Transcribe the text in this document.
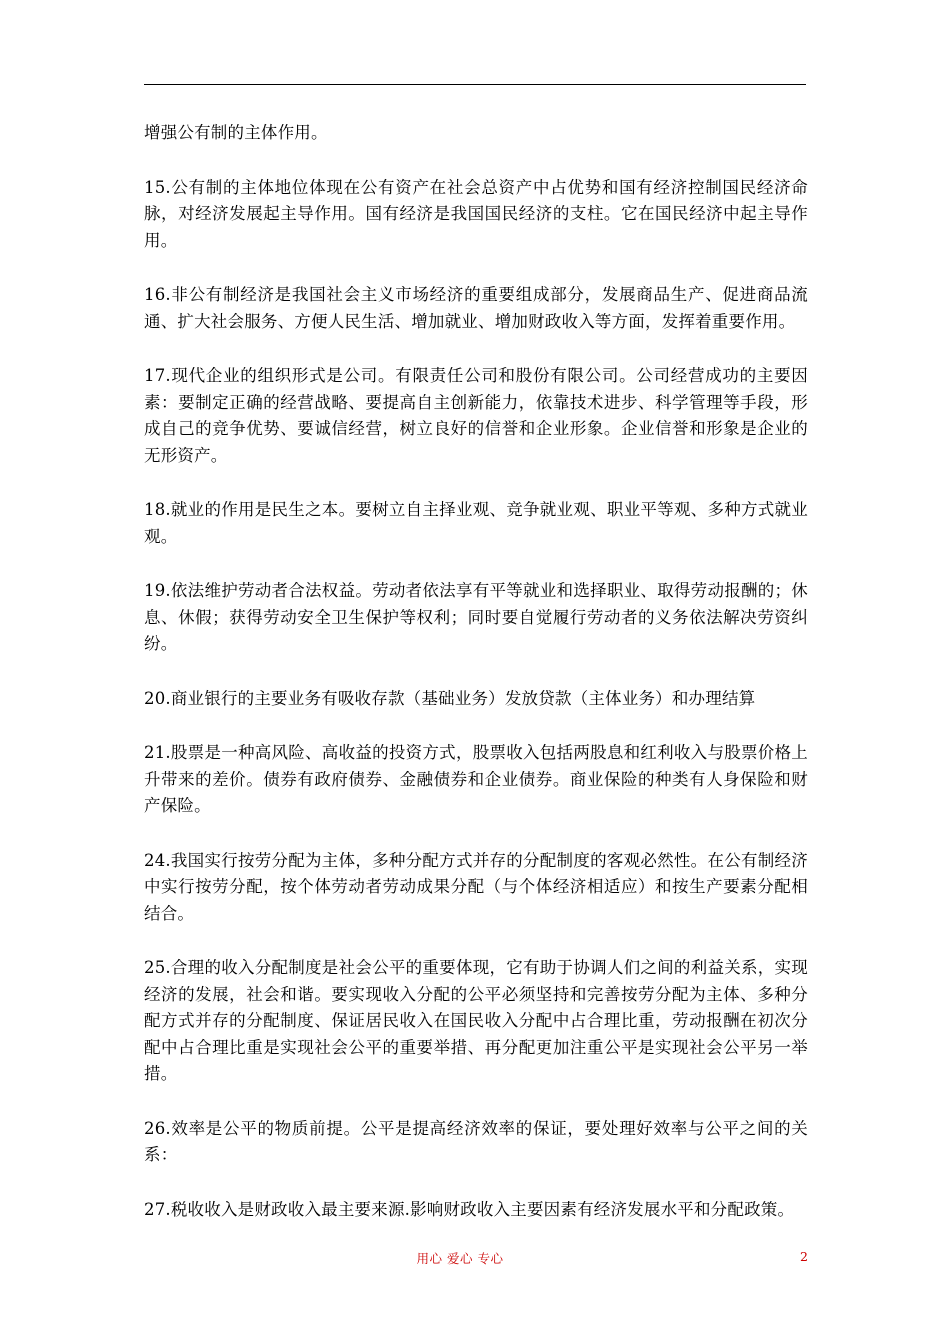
增强公有制的主体作用。

15.公有制的主体地位体现在公有资产在社会总资产中占优势和国有经济控制国民经济命脉，对经济发展起主导作用。国有经济是我国国民经济的支柱。它在国民经济中起主导作用。

16.非公有制经济是我国社会主义市场经济的重要组成部分，发展商品生产、促进商品流通、扩大社会服务、方便人民生活、增加就业、增加财政收入等方面，发挥着重要作用。

17.现代企业的组织形式是公司。有限责任公司和股份有限公司。公司经营成功的主要因素：要制定正确的经营战略、要提高自主创新能力，依靠技术进步、科学管理等手段，形成自己的竞争优势、要诚信经营，树立良好的信誉和企业形象。企业信誉和形象是企业的无形资产。

18.就业的作用是民生之本。要树立自主择业观、竞争就业观、职业平等观、多种方式就业观。

19.依法维护劳动者合法权益。劳动者依法享有平等就业和选择职业、取得劳动报酬的；休息、休假；获得劳动安全卫生保护等权利；同时要自觉履行劳动者的义务依法解决劳资纠纷。

20.商业银行的主要业务有吸收存款（基础业务）发放贷款（主体业务）和办理结算

21.股票是一种高风险、高收益的投资方式，股票收入包括两股息和红利收入与股票价格上升带来的差价。债券有政府债券、金融债券和企业债券。商业保险的种类有人身保险和财产保险。

24.我国实行按劳分配为主体，多种分配方式并存的分配制度的客观必然性。在公有制经济中实行按劳分配，按个体劳动者劳动成果分配（与个体经济相适应）和按生产要素分配相结合。

25.合理的收入分配制度是社会公平的重要体现，它有助于协调人们之间的利益关系，实现经济的发展，社会和谐。要实现收入分配的公平必须坚持和完善按劳分配为主体、多种分配方式并存的分配制度、保证居民收入在国民收入分配中占合理比重，劳动报酬在初次分配中占合理比重是实现社会公平的重要举措、再分配更加注重公平是实现社会公平另一举措。

26.效率是公平的物质前提。公平是提高经济效率的保证，要处理好效率与公平之间的关系：

27.税收收入是财政收入最主要来源.影响财政收入主要因素有经济发展水平和分配政策。

用心 爱心 专心	2
